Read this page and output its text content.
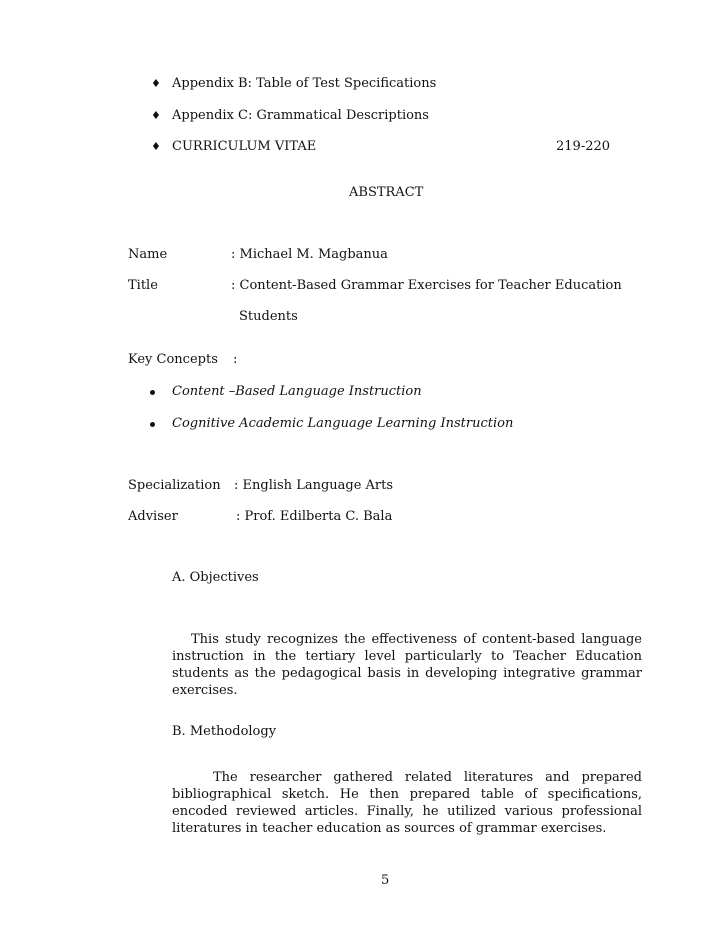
♦ Appendix B: Table of Test Specifications
♦ Appendix C: Grammatical Descriptions
♦ CURRICULUM VITAE	219-220
ABSTRACT
Name	: Michael M. Magbanua
Title	: Content-Based Grammar Exercises for Teacher Education
Students
Key Concepts :
Content –Based Language Instruction
Cognitive Academic Language Learning Instruction
Specialization : English Language Arts
Adviser	: Prof. Edilberta C. Bala
A. Objectives
This study recognizes the effectiveness of content-based language instruction in the tertiary level particularly to Teacher Education students as the pedagogical basis in developing integrative grammar exercises.
B. Methodology
The researcher gathered related literatures and prepared bibliographical sketch. He then prepared table of specifications, encoded reviewed articles. Finally, he utilized various professional literatures in teacher education as sources of grammar exercises.
5
